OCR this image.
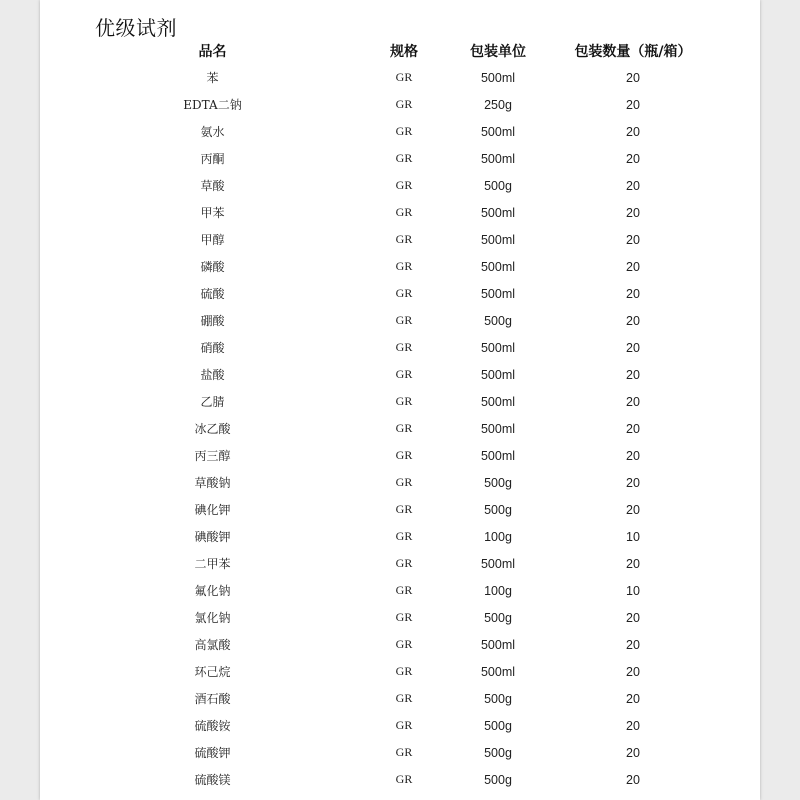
优级试剂
品名	规格	包装单位	包装数量（瓶/箱）
苯	GR	500ml	20
EDTA二钠	GR	250g	20
氨水	GR	500ml	20
丙酮	GR	500ml	20
草酸	GR	500g	20
甲苯	GR	500ml	20
甲醇	GR	500ml	20
磷酸	GR	500ml	20
硫酸	GR	500ml	20
硼酸	GR	500g	20
硝酸	GR	500ml	20
盐酸	GR	500ml	20
乙腈	GR	500ml	20
冰乙酸	GR	500ml	20
丙三醇	GR	500ml	20
草酸钠	GR	500g	20
碘化钾	GR	500g	20
碘酸钾	GR	100g	10
二甲苯	GR	500ml	20
氟化钠	GR	100g	10
氯化钠	GR	500g	20
高氯酸	GR	500ml	20
环己烷	GR	500ml	20
酒石酸	GR	500g	20
硫酸铵	GR	500g	20
硫酸钾	GR	500g	20
硫酸镁	GR	500g	20
